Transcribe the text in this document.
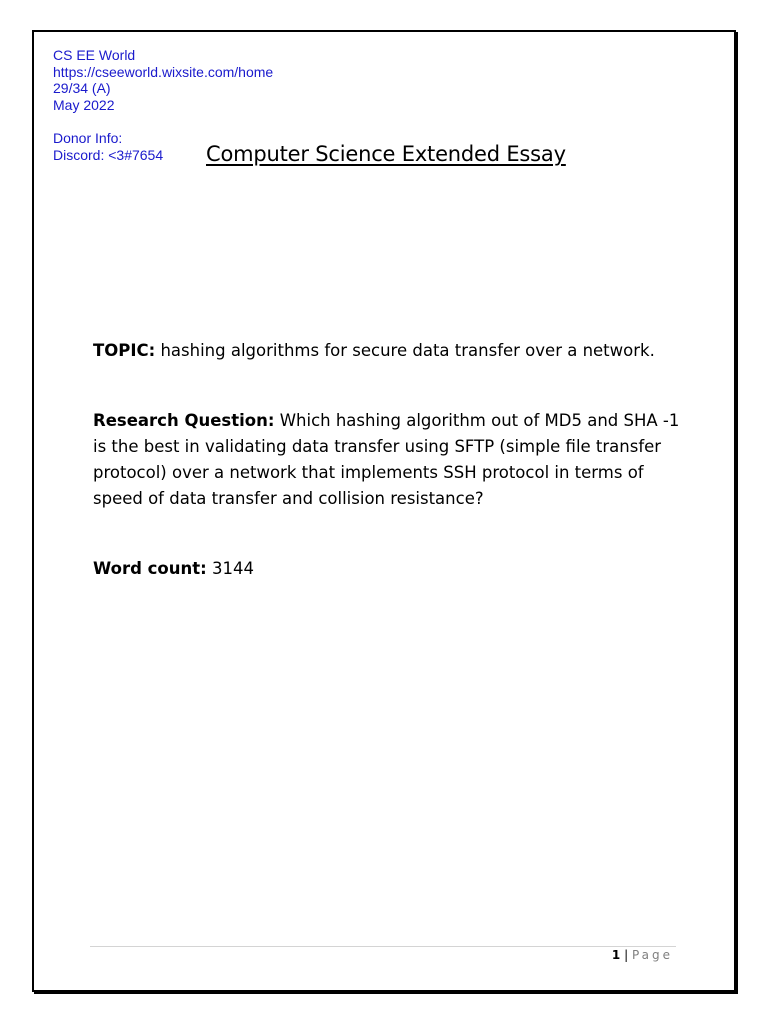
CS EE World
https://cseeworld.wixsite.com/home
29/34 (A)
May 2022
Donor Info:
Discord: <3#7654	Computer Science Extended Essay
TOPIC: hashing algorithms for secure data transfer over a network.
Research Question: Which hashing algorithm out of MD5 and SHA -1 is the best in validating data transfer using SFTP (simple file transfer protocol) over a network that implements SSH protocol in terms of speed of data transfer and collision resistance?
Word count: 3144
1 | Page
